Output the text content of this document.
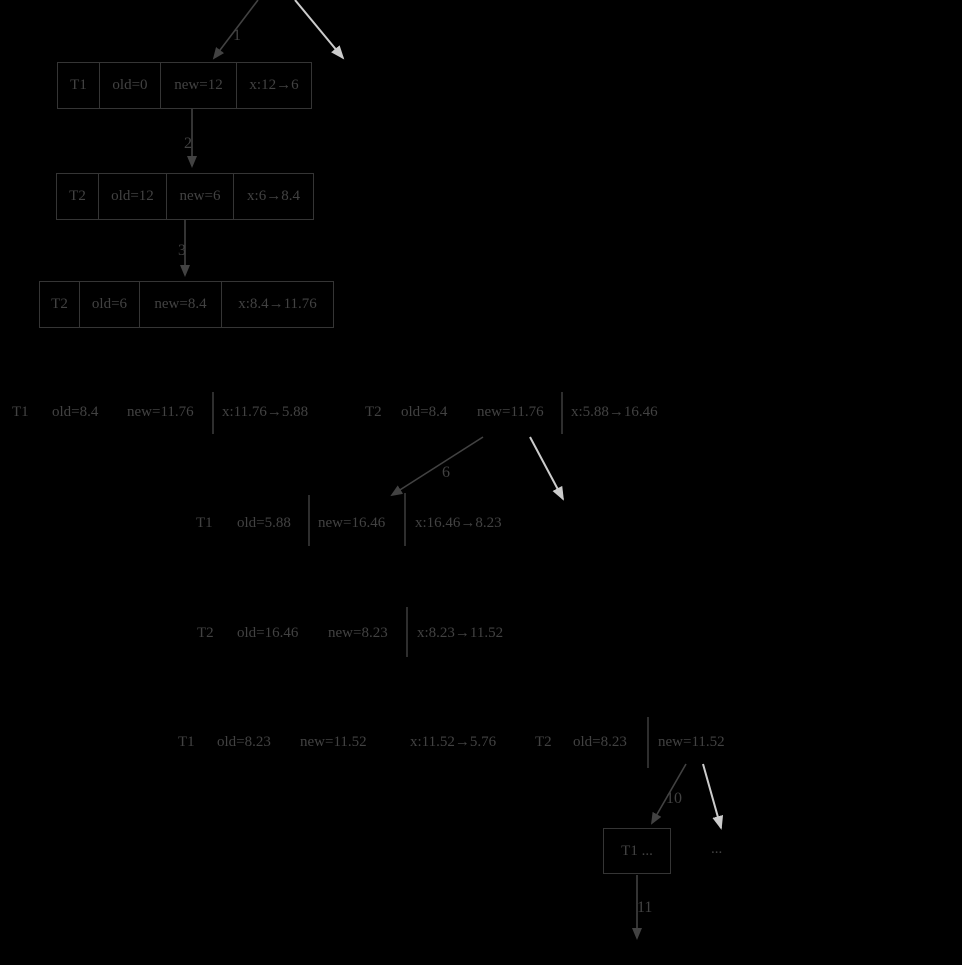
1
2
3
6
10
11
T1	old=0	new=12	x:12→6
T2	old=12	new=6	x:6→8.4
T2	old=6	new=8.4	x:8.4→11.76
T1 old=8.4 new=11.76 x:11.76→5.88	T2 old=8.4 new=11.76 x:5.88→16.46
T1 old=5.88 new=16.46 x:16.46→8.23
T2 old=16.46 new=8.23 x:8.23→11.52
T1 old=8.23 new=11.52	x:11.52→5.76	T2 old=8.23 new=11.52
T1 ...	...
